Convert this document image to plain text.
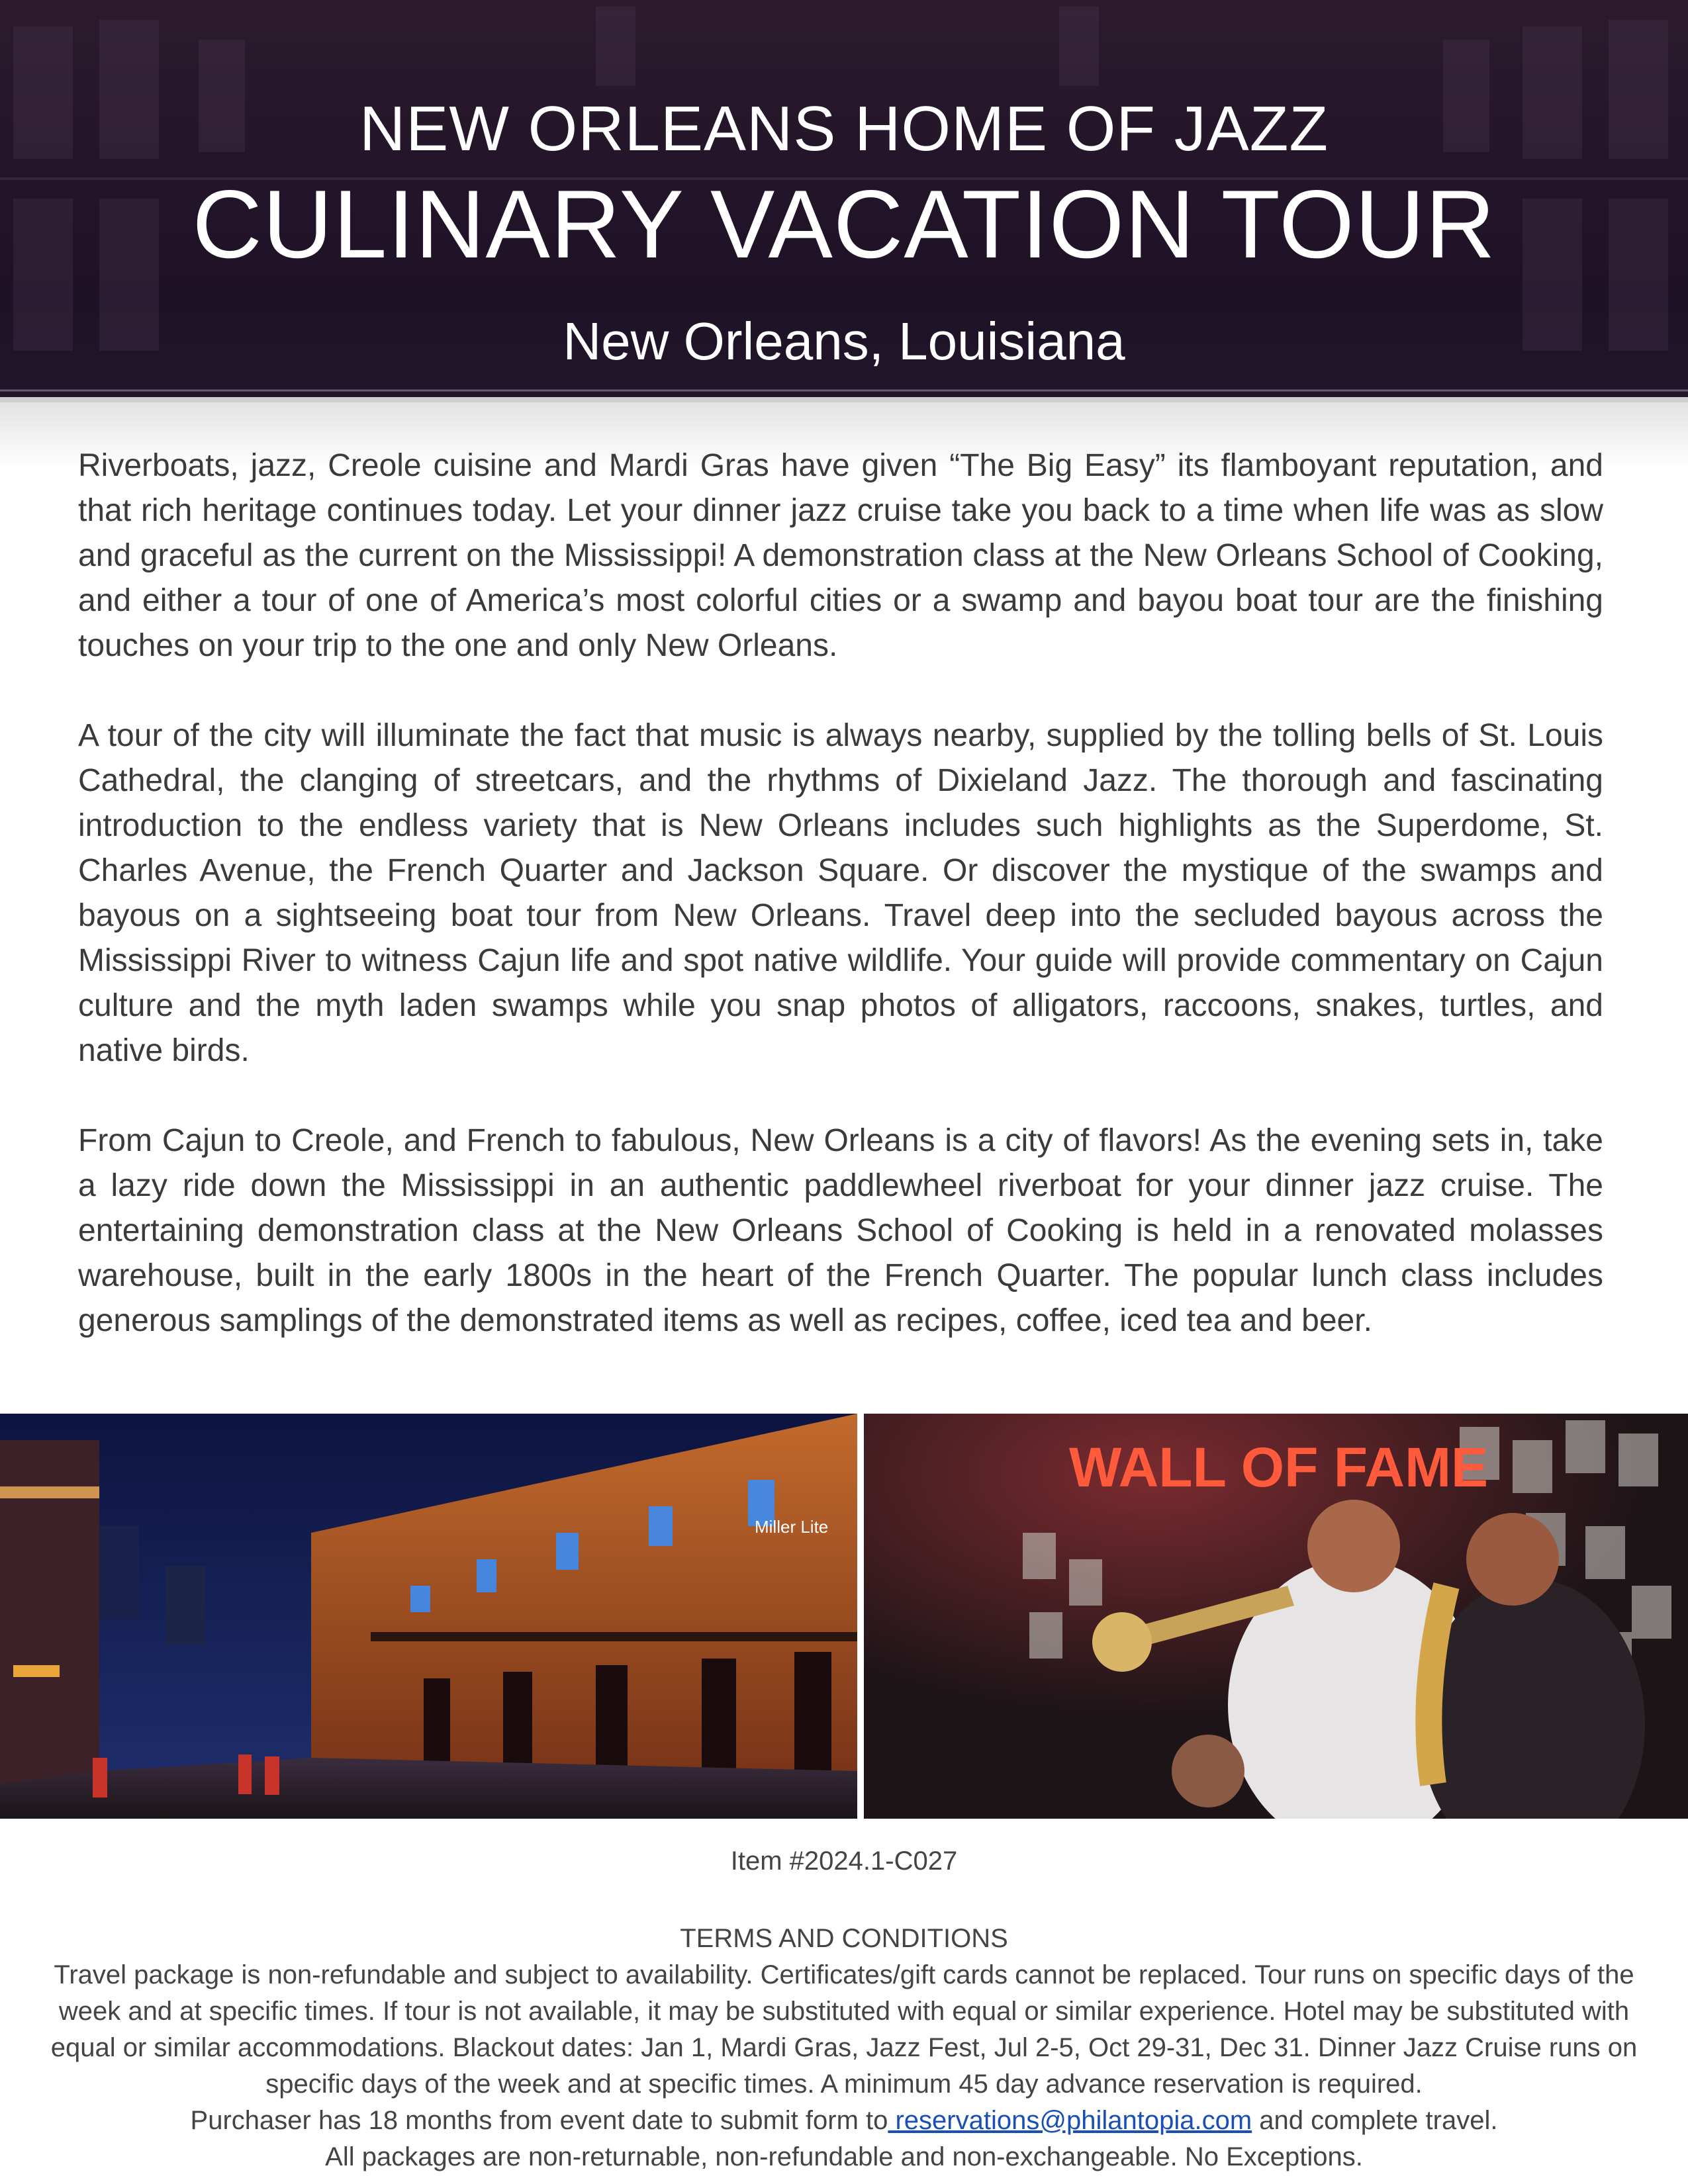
NEW ORLEANS HOME OF JAZZ
CULINARY VACATION TOUR
New Orleans, Louisiana

Riverboats, jazz, Creole cuisine and Mardi Gras have given “The Big Easy” its flamboyant reputation, and that rich heritage continues today. Let your dinner jazz cruise take you back to a time when life was as slow and graceful as the current on the Mississippi! A demonstration class at the New Orleans School of Cooking, and either a tour of one of America’s most colorful cities or a swamp and bayou boat tour are the finishing touches on your trip to the one and only New Orleans.

A tour of the city will illuminate the fact that music is always nearby, supplied by the tolling bells of St. Louis Cathedral, the clanging of streetcars, and the rhythms of Dixieland Jazz. The thorough and fascinating introduction to the endless variety that is New Orleans includes such highlights as the Superdome, St. Charles Avenue, the French Quarter and Jackson Square. Or discover the mystique of the swamps and bayous on a sightseeing boat tour from New Orleans. Travel deep into the secluded bayous across the Mississippi River to witness Cajun life and spot native wildlife. Your guide will provide commentary on Cajun culture and the myth laden swamps while you snap photos of alligators, raccoons, snakes, turtles, and native birds.

From Cajun to Creole, and French to fabulous, New Orleans is a city of flavors! As the evening sets in, take a lazy ride down the Mississippi in an authentic paddlewheel riverboat for your dinner jazz cruise. The entertaining demonstration class at the New Orleans School of Cooking is held in a renovated molasses warehouse, built in the early 1800s in the heart of the French Quarter. The popular lunch class includes generous samplings of the demonstrated items as well as recipes, coffee, iced tea and beer.

Miller Lite
WALL OF FAME
Item #2024.1-C027
TERMS AND CONDITIONS
Travel package is non-refundable and subject to availability. Certificates/gift cards cannot be replaced. Tour runs on specific days of the week and at specific times. If tour is not available, it may be substituted with equal or similar experience. Hotel may be substituted with equal or similar accommodations. Blackout dates: Jan 1, Mardi Gras, Jazz Fest, Jul 2-5, Oct 29-31, Dec 31. Dinner Jazz Cruise runs on specific days of the week and at specific times. A minimum 45 day advance reservation is required.
Purchaser has 18 months from event date to submit form to reservations@philantopia.com and complete travel.
All packages are non-returnable, non-refundable and non-exchangeable. No Exceptions.
